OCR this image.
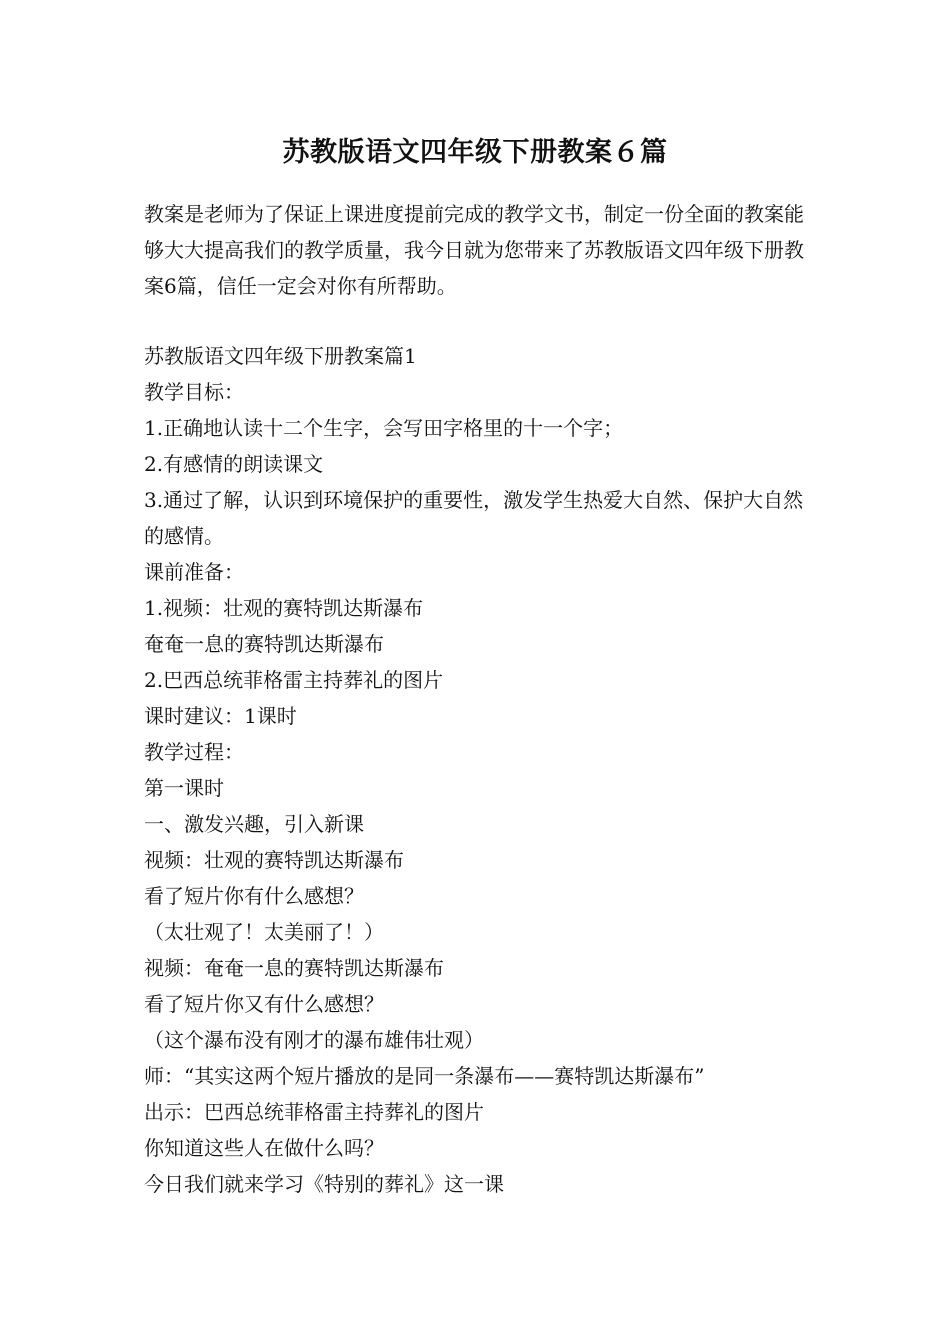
苏教版语文四年级下册教案６篇

教案是老师为了保证上课进度提前完成的教学文书，制定一份全面的教案能够大大提高我们的教学质量，我今日就为您带来了苏教版语文四年级下册教案6篇，信任一定会对你有所帮助。

苏教版语文四年级下册教案篇1

教学目标：

1.正确地认读十二个生字，会写田字格里的十一个字；

2.有感情的朗读课文

3.通过了解，认识到环境保护的重要性，激发学生热爱大自然、保护大自然的感情。

课前准备：

1.视频：壮观的赛特凯达斯瀑布

奄奄一息的赛特凯达斯瀑布

2.巴西总统菲格雷主持葬礼的图片

课时建议：1课时

教学过程：

第一课时

一、激发兴趣，引入新课

视频：壮观的赛特凯达斯瀑布

看了短片你有什么感想？

（太壮观了！太美丽了！）

视频：奄奄一息的赛特凯达斯瀑布

看了短片你又有什么感想？

（这个瀑布没有刚才的瀑布雄伟壮观）

师：“其实这两个短片播放的是同一条瀑布——赛特凯达斯瀑布”

出示：巴西总统菲格雷主持葬礼的图片

你知道这些人在做什么吗？

今日我们就来学习《特别的葬礼》这一课
